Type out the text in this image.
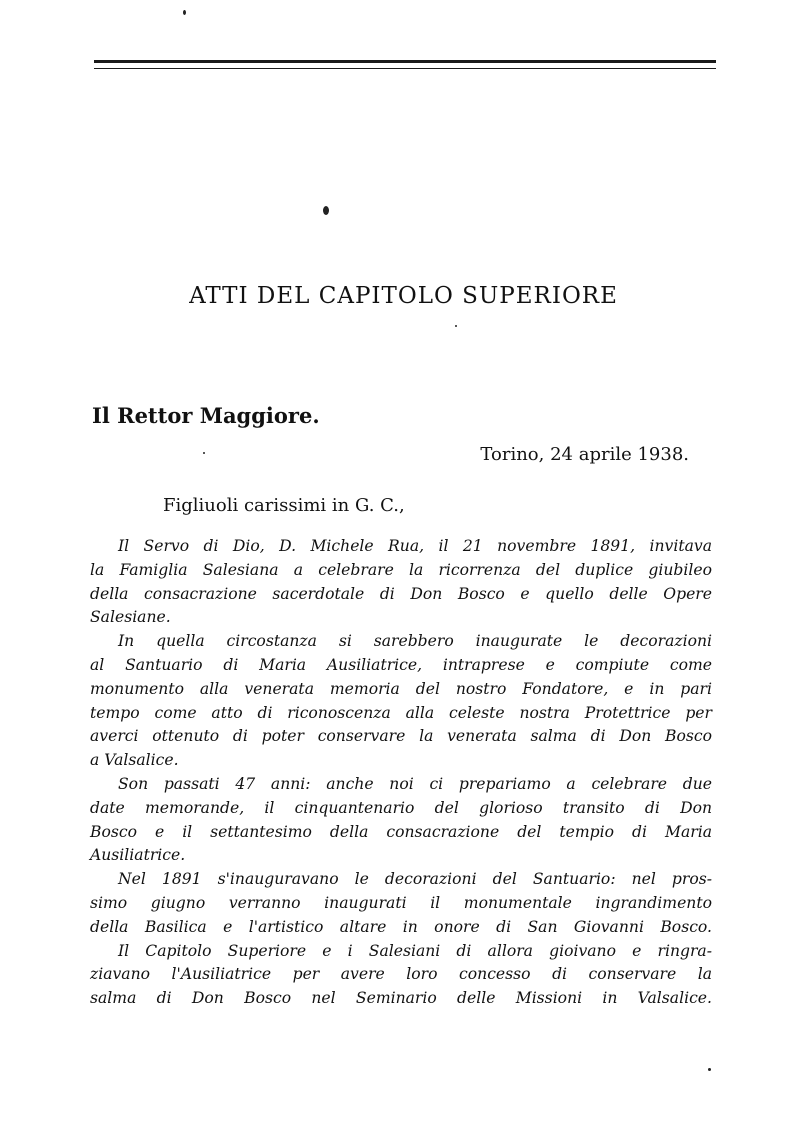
ATTI DEL CAPITOLO SUPERIORE
Il Rettor Maggiore.

Torino, 24 aprile 1938.

Figliuoli carissimi in G. C.,

Il Servo di Dio, D. Michele Rua, il 21 novembre 1891, invitava
la Famiglia Salesiana a celebrare la ricorrenza del duplice giubileo
della consacrazione sacerdotale di Don Bosco e quello delle Opere
Salesiane.
In quella circostanza si sarebbero inaugurate le decorazioni
al Santuario di Maria Ausiliatrice, intraprese e compiute come
monumento alla venerata memoria del nostro Fondatore, e in pari
tempo come atto di riconoscenza alla celeste nostra Protettrice per
averci ottenuto di poter conservare la venerata salma di Don Bosco
a Valsalice.
Son passati 47 anni: anche noi ci prepariamo a celebrare due
date memorande, il cinquantenario del glorioso transito di Don
Bosco e il settantesimo della consacrazione del tempio di Maria
Ausiliatrice.
Nel 1891 s'inauguravano le decorazioni del Santuario: nel pros-
simo giugno verranno inaugurati il monumentale ingrandimento
della Basilica e l'artistico altare in onore di San Giovanni Bosco.
Il Capitolo Superiore e i Salesiani di allora gioivano e ringra-
ziavano l'Ausiliatrice per avere loro concesso di conservare la
salma di Don Bosco nel Seminario delle Missioni in Valsalice.
